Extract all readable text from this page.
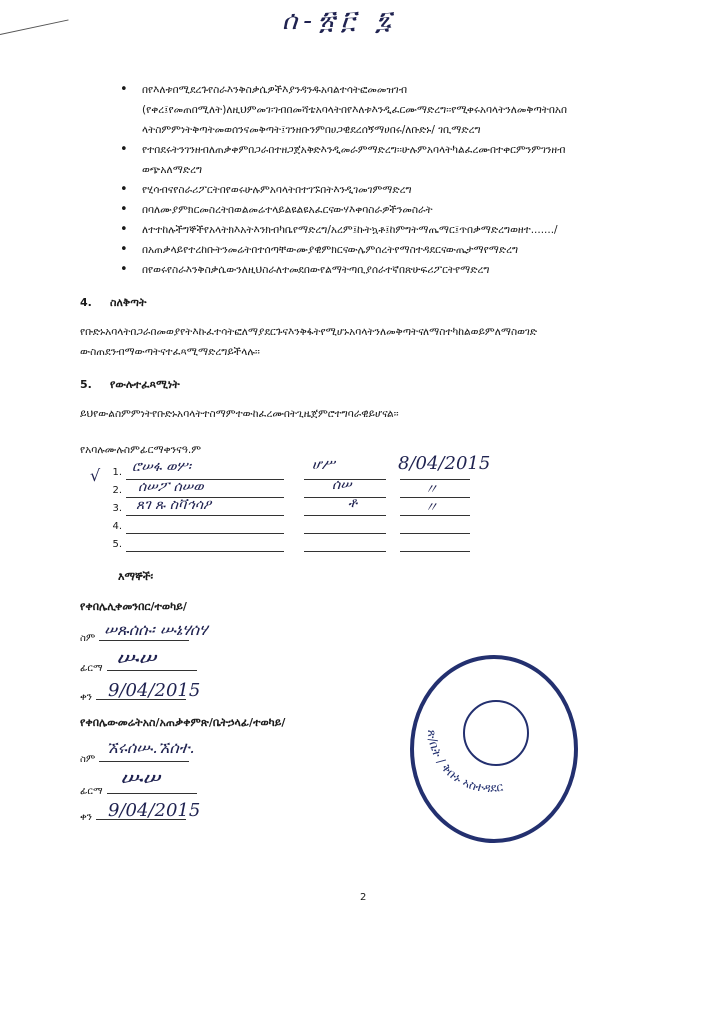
ሰ-፳፫ ፯
• በየእለቱበሚደረጉየስራእንቅስቃሴዎችእያንዳንዱአባልተሳትፎመመዝገብ
(የቀረ፤የመጠበሚለት)ለዚህምመገ፡ገብበመሻቴአባላትበየእለቱእንዲፈርሙማድረግ፡፡የሚቀሩአባላትንለመቅጣትበአበ
ላትስምምነትቅጣትመወሰንናመቅጣት፤ገንዘቡንምበሀጋዊደረሰኝማሀበሩ/ለቡድኑ/ ገቢማድረግ
• የተበደሩትንገንዘብለጠቃቀምበጋራበተዘጋጀአቅድእንዲመራምማድረግ፡፡ሁሉምአባላትካልፈረሙበተቀርምንምገንዘብ
ወጭአለማድረግ
• የሂሳብናየስራሪፖርትበየወሩሁሉምአባላትበተገኙበትእንዲገመገምማድረግ
• በባለሙያምክርመስረትበወልመሬተላይልዩልዩአፈርናውሃእቀባስራዎችንመስራት
• ለተተከሉችግኞችየአላትክእአትእንክብካቤየማድረግ/አረም፤ኩትኳቶ፤ከምግትማጤማር፤ጥበቃማድረግወዘተ......./
• በአጠቃላይየተረከቡትንመሬትበተሰጣቸውሙያዊምክርናውሌምሰረትየማስተዳደርናውጤታማየማድረግ
• በየወሩየስራእንቅስቃሴውንለዚህስራለተመደበውየልማትጣቢያሰራተኛበጽሁፍሪፖርትየማድረግ
4. ስለቅጣት
የቡድኑአባላትበጋራበመወያየትእኩፈተሳትፎለማያደርጉናእንቅፋትየሚሆኑአባላትንለመቅጣትናለማስተካከልወይምለማስወገድ
ውስጠደንብማውጣትናተፈጻሚማድረግይችላሉ፡፡
5. የውሉተፈጻሚነት
ይህየውልስምምነትየቡድኑአባላትተስማምተውከፈረሙበትጊዜጀምሮተግባራዊይሆናል፡፡
የአባሉሙሉስምፊርማቀንናዓ.ም
√	1. ሮሠፋ ወሦ፡	ሆሥ	8/04/2015
2. ሰሠፖ ሰሠወ	ሰሠ	〃
3. ጸገ ጹ ስቫኅሳዖ	ቶ	〃
4.
5.
እማኞች፡
የቀበሌሊቀመንበር/ተወካይ/
ስም ሠጹሰሱ፡ ሡኔሃሰሃ
ፊርማ ሡሠ
ቀን 9/04/2015
የቀበሌውመሬትአስ/አጠቃቀምጽ/ቤትኃላፊ/ተወካይ/
ስም
ኧሩሰሡ.ኧሰተ.
ፊርማ
ሡሠ
ቀን 9/04/2015
ጽ/ቤት / ቅቡኑ ኣስተዳደር
2
